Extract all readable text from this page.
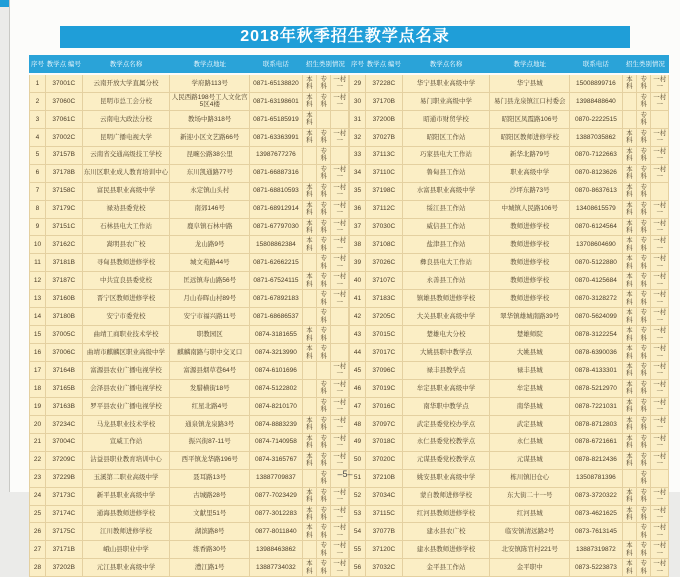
2018年秋季招生教学点名录
序号	教学点 编号	教学点名称	教学点地址	联系电话	招生类别情况		
1	37001C	云南开放大学直属分校	学府路113号	0871-65138820	本科	专科	一村一
2	37060C	昆明市总工会分校	人民西路198号工人文化宫5区4楼	0871-63198601	本科	专科	一村一
3	37061C	云南电大政法分校	教场中路318号	0871-65185919	本科		
4	37002C	昆明广播电视大学	新迎小区文艺路66号	0871-63363991	本科	专科	一村一
5	37157B	云南省交通高级技工学校	昆畹公路38公里	13987677276		专科	
6	37178B	东川区职业成人教育培训中心	东川凯通路77号	0871-66887316		专科	一村一
7	37158C	富民县职业高级中学	永定镇山头村	0871-68810593	本科	专科	一村一
8	37179C	禄劝县委党校	南郊146号	0871-68912914	本科	专科	一村一
9	37151C	石林县电大工作站	鹿阜镇石林中路	0871-67797030	本科	专科	一村一
10	37162C	嵩明县农广校	龙山路9号	15808862384	本科	专科	一村一
11	37181B	寻甸县教师进修学校	城文苑路44号	0871-62662215		专科	一村一
12	37187C	中共宜良县委党校	匡远镇寿山路56号	0871-67524115	本科	专科	一村一
13	37160B	晋宁区教师进修学校	月山春晖山村89号	0871-67892183		专科	一村一
14	37180B	安宁市委党校	安宁市福兴路11号	0871-68686537		专科	
15	37005C	曲靖工商职业技术学校	职教园区	0874-3181655	本科	专科	
16	37006C	曲靖市麒麟区职业高级中学	麒麟南路与职中交叉口	0874-3213990	本科	专科	
17	37164B	富源县农业广播电视学校	富源县烟草巷64号	0874-6101696			一村一
18	37165B	会泽县农业广播电视学校	发腊横街18号	0874-5122802		专科	一村一
19	37163B	罗平县农业广播电视学校	红星北路4号	0874-8210170		专科	一村一
20	37234C	马龙县职业技术学校	通泉镇龙泉路3号	0874-8883239	本科	专科	一村一
21	37004C	宣威工作站	振兴街87-11号	0874-7140958	本科	专科	一村一
22	37209C	沾益县职业教育培训中心	西平镇龙华路196号	0874-3165767	本科	专科	一村一
23	37229B	玉溪第二职业高级中学	聂耳路13号	13887709837		专科	
24	37173C	新平县职业高级中学	古城路28号	0877-7023429	本科	专科	一村一
25	37174C	通海县教师进修学校	文献里51号	0877-3012283	本科	专科	一村一
26	37175C	江川教师进修学校	湖滨路8号	0877-8011840	本科	专科	一村一
27	37171B	峨山县职业中学	练香路30号	13988463862		专科	一村一
28	37202B	元江县职业高级中学	澧江路1号	13887734032	本科	专科	一村一
序号	教学点 编号	教学点名称	教学点地址	联系电话	招生类别情况		
29	37228C	华宁县职业高级中学	华宁县城	15008899716	本科	专科	一村一
30	37170B	易门职业高级中学	易门县龙泉镇江口村委会	13988488640		专科	一村一
31	37200B	昭通市财贸学校	昭阳区凤霞路106号	0870-2222515		专科	
32	37027B	昭阳区工作站	昭阳区教师进修学校	13887035862	本科	专科	一村一
33	37113C	巧家县电大工作站	新华北路79号	0870-7122663	本科	专科	一村一
34	37110C	鲁甸县工作站	职业高级中学	0870-8123626	本科	专科	一村一
35	37198C	水富县职业高级中学	沙坪东路73号	0870-8637613	本科	专科	
36	37112C	绥江县工作站	中城镇人民路106号	13408615579	本科	专科	一村一
37	37030C	威信县工作站	教师进修学校	0870-6124564	本科	专科	一村一
38	37108C	盐津县工作站	教师进修学校	13708604690	本科	专科	一村一
39	37026C	彝良县电大工作站	教师进修学校	0870-5122880	本科	专科	一村一
40	37107C	永善县工作站	教师进修学校	0870-4125684	本科	专科	一村一
41	37183C	镇雄县教师进修学校	教师进修学校	0870-3128272	本科	专科	一村一
42	37205C	大关县职业高级中学	翠华镇雄城南路39号	0870-5624099	本科	专科	一村一
43	37015C	楚雄电大分校	楚雄师院	0878-3122254	本科	专科	一村一
44	37017C	大姚县职中教学点	大姚县城	0878-6390036	本科	专科	一村一
45	37096C	禄丰县教学点	禄丰县城	0878-4133301	本科	专科	一村一
46	37019C	牟定县职业高级中学	牟定县城	0878-5212970	本科	专科	一村一
47	37016C	南华职中教学点	南华县城	0878-7221031	本科	专科	一村一
48	37097C	武定县委党校办学点	武定县城	0878-8712803	本科	专科	一村一
49	37018C	永仁县委党校教学点	永仁县城	0878-6721661	本科	专科	一村一
50	37020C	元谋县委党校教学点	元谋县城	0878-8212436	本科	专科	一村一
51	37210B	姚安县职业高级中学	栋川镇旧仓心	13508781396		专科	
52	37034C	蒙自教师进修学校	东大街二十一号	0873-3720322	本科	专科	一村一
53	37115C	红河县教师进修学校	红河县城	0873-4621625	本科	专科	一村一
54	37077B	建水县农广校	临安镇清远路2号	0873-7613145		专科	一村一
55	37120C	建水县教师进修学校	北安镇陈官村221号	13887319872	本科	专科	一村一
56	37032C	金平县工作站	金平职中	0873-5223873	本科	专科	一村一
–5–
